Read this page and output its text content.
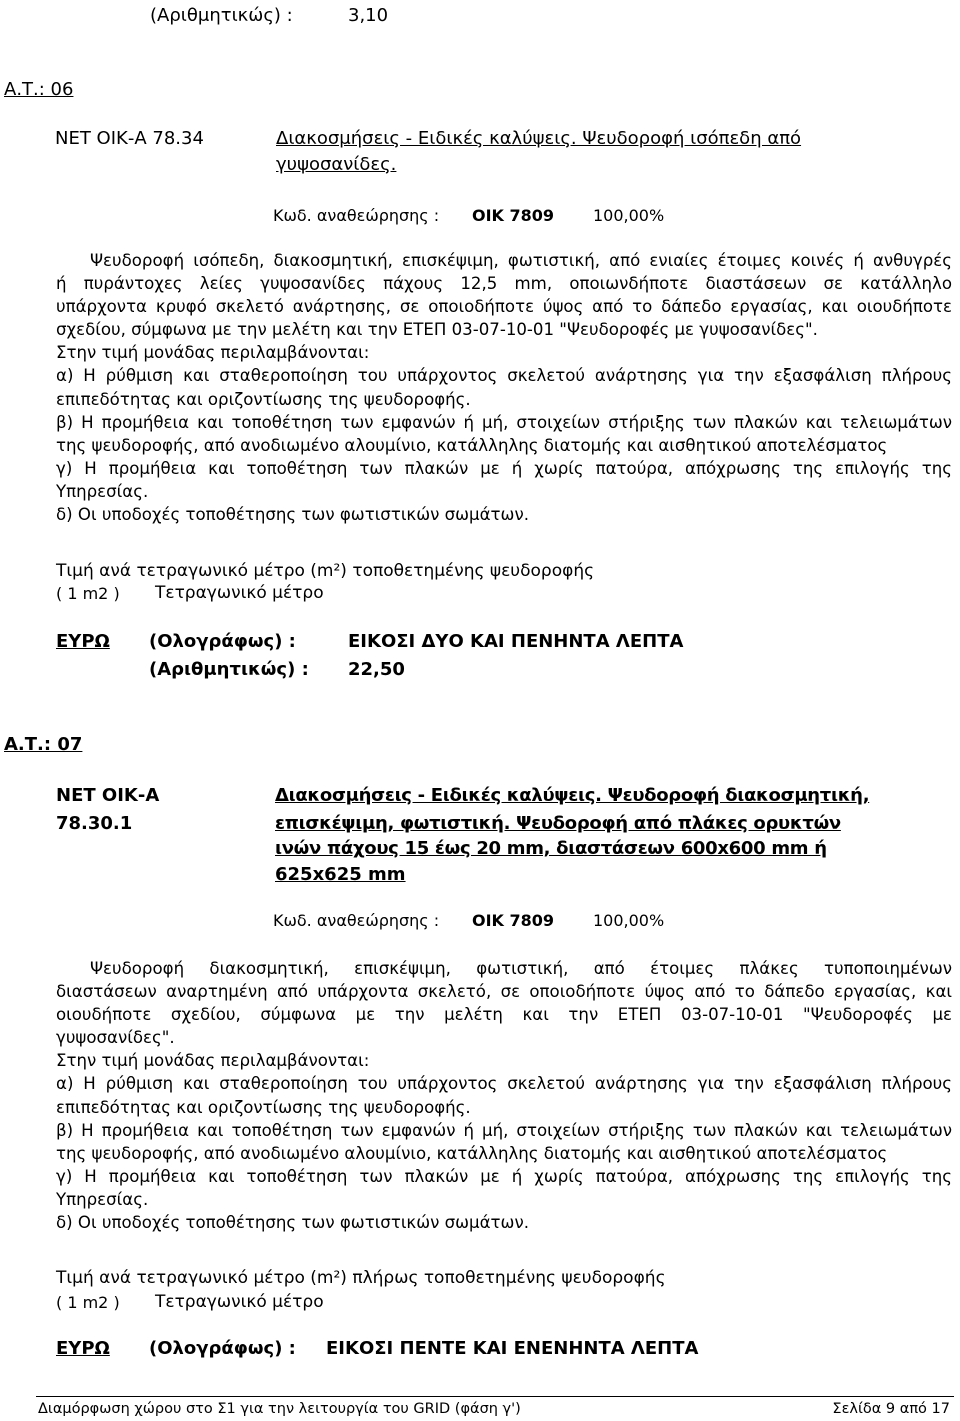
(Αριθμητικώς) :	3,10
Α.Τ.: 06
ΝΕΤ ΟΙΚ-Α 78.34	Διακοσμήσεις - Ειδικές καλύψεις. Ψευδοροφή ισόπεδη από
γυψοσανίδες.
Κωδ. αναθεώρησης : ΟΙΚ 7809 100,00%

Ψευδοροφή ισόπεδη, διακοσμητική, επισκέψιμη, φωτιστική, από ενιαίες έτοιμες κοινές ή ανθυγρές

ή πυράντοχες λείες γυψοσανίδες πάχους 12,5 mm, οποιωνδήποτε διαστάσεων σε κατάλληλο

υπάρχοντα κρυφό σκελετό ανάρτησης, σε οποιοδήποτε ύψος από το δάπεδο εργασίας, και οιουδήποτε

σχεδίου, σύμφωνα με την μελέτη και την ΕΤΕΠ 03-07-10-01 "Ψευδοροφές με γυψοσανίδες".

Στην τιμή μονάδας περιλαμβάνονται:

α) Η ρύθμιση και σταθεροποίηση του υπάρχοντος σκελετού ανάρτησης για την εξασφάλιση πλήρους

επιπεδότητας και οριζοντίωσης της ψευδοροφής.

β) Η προμήθεια και τοποθέτηση των εμφανών ή μή, στοιχείων στήριξης των πλακών και τελειωμάτων

της ψευδοροφής, από ανοδιωμένο αλουμίνιο, κατάλληλης διατομής και αισθητικού αποτελέσματος

γ) Η προμήθεια και τοποθέτηση των πλακών με ή χωρίς πατούρα, απόχρωσης της επιλογής της

Υπηρεσίας.

δ) Οι υποδοχές τοποθέτησης των φωτιστικών σωμάτων.

Τιμή ανά τετραγωνικό μέτρο (m²) τοποθετημένης ψευδοροφής
( 1 m2 ) Τετραγωνικό μέτρο
ΕΥΡΩ (Ολογράφως) :	ΕΙΚΟΣΙ ΔΥΟ ΚΑΙ ΠΕΝΗΝΤΑ ΛΕΠΤΑ
(Αριθμητικώς) : 22,50
Α.Τ.: 07
ΝΕΤ ΟΙΚ-Α
78.30.1
Διακοσμήσεις - Ειδικές καλύψεις. Ψευδοροφή διακοσμητική,
επισκέψιμη, φωτιστική. Ψευδοροφή από πλάκες ορυκτών
ινών πάχους 15 έως 20 mm, διαστάσεων 600x600 mm ή
625x625 mm
Κωδ. αναθεώρησης : ΟΙΚ 7809 100,00%

Ψευδοροφή διακοσμητική, επισκέψιμη, φωτιστική, από έτοιμες πλάκες τυποποιημένων

διαστάσεων αναρτημένη από υπάρχοντα σκελετό, σε οποιοδήποτε ύψος από το δάπεδο εργασίας, και

οιουδήποτε σχεδίου, σύμφωνα με την μελέτη και την ΕΤΕΠ 03-07-10-01 "Ψευδοροφές με

γυψοσανίδες".

Στην τιμή μονάδας περιλαμβάνονται:

α) Η ρύθμιση και σταθεροποίηση του υπάρχοντος σκελετού ανάρτησης για την εξασφάλιση πλήρους

επιπεδότητας και οριζοντίωσης της ψευδοροφής.

β) Η προμήθεια και τοποθέτηση των εμφανών ή μή, στοιχείων στήριξης των πλακών και τελειωμάτων

της ψευδοροφής, από ανοδιωμένο αλουμίνιο, κατάλληλης διατομής και αισθητικού αποτελέσματος

γ) Η προμήθεια και τοποθέτηση των πλακών με ή χωρίς πατούρα, απόχρωσης της επιλογής της

Υπηρεσίας.

δ) Οι υποδοχές τοποθέτησης των φωτιστικών σωμάτων.

Τιμή ανά τετραγωνικό μέτρο (m²) πλήρως τοποθετημένης ψευδοροφής
( 1 m2 ) Τετραγωνικό μέτρο
ΕΥΡΩ (Ολογράφως) : ΕΙΚΟΣΙ ΠΕΝΤΕ ΚΑΙ ΕΝΕΝΗΝΤΑ ΛΕΠΤΑ
Διαμόρφωση χώρου στο Σ1 για την λειτουργία του GRID (φάση γ')	Σελίδα 9 από 17
